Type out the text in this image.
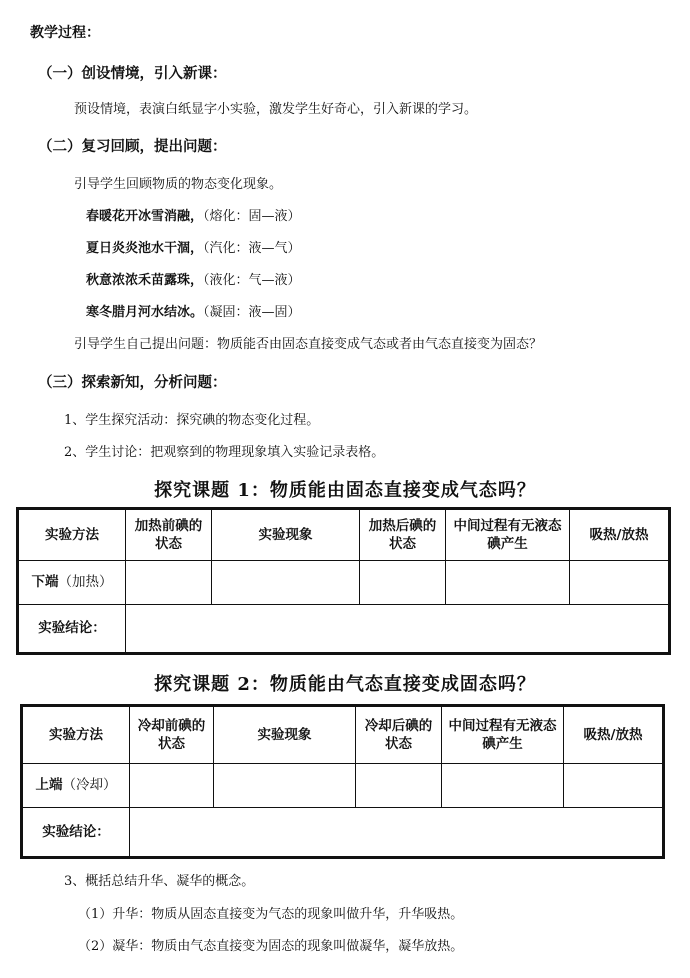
教学过程：
（一）创设情境，引入新课：
预设情境，表演白纸显字小实验，激发学生好奇心，引入新课的学习。
（二）复习回顾，提出问题：
引导学生回顾物质的物态变化现象。
春暖花开冰雪消融，（熔化：固—液）
夏日炎炎池水干涸，（汽化：液—气）
秋意浓浓禾苗露珠，（液化：气—液）
寒冬腊月河水结冰。（凝固：液—固）
引导学生自己提出问题：物质能否由固态直接变成气态或者由气态直接变为固态？
（三）探索新知，分析问题：
1、学生探究活动：探究碘的物态变化过程。
2、学生讨论：把观察到的物理现象填入实验记录表格。
探究课题 1：物质能由固态直接变成气态吗？
实验方法	加热前碘的状态	实验现象	加热后碘的状态	中间过程有无液态碘产生	吸热/放热
下端（加热）					
实验结论：					
探究课题 2：物质能由气态直接变成固态吗？
实验方法	冷却前碘的状态	实验现象	冷却后碘的状态	中间过程有无液态碘产生	吸热/放热
上端（冷却）					
实验结论：					
3、概括总结升华、凝华的概念。
（1）升华：物质从固态直接变为气态的现象叫做升华，升华吸热。
（2）凝华：物质由气态直接变为固态的现象叫做凝华，凝华放热。
